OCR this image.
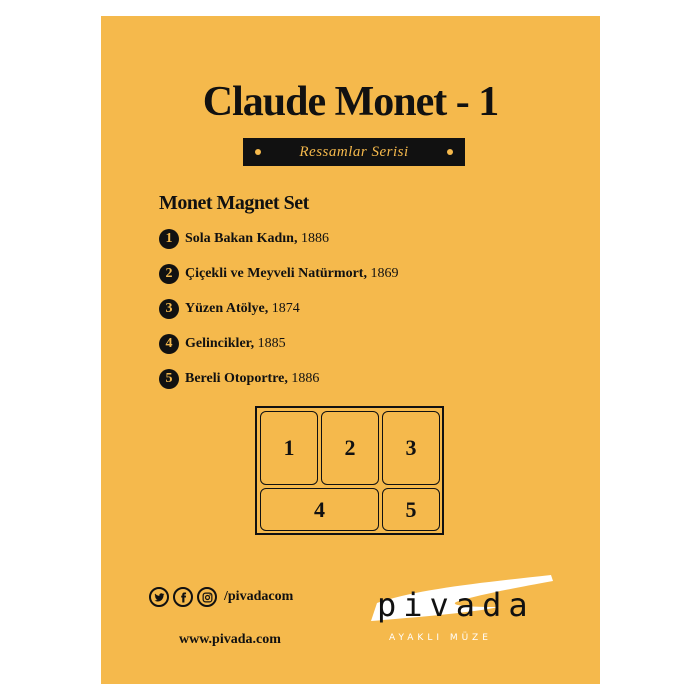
Claude Monet - 1
Ressamlar Serisi
Monet Magnet Set
1 Sola Bakan Kadın,
1886
2 Çiçekli ve Meyveli Natürmort,
1869
3 Yüzen Atölye,
1874
4 Gelincikler,
1885
5 Bereli Otoportre,
1886
1	2	3
4	5
/pivadacom
www.pivada.com
pivada
AYAKLI MÜZE
